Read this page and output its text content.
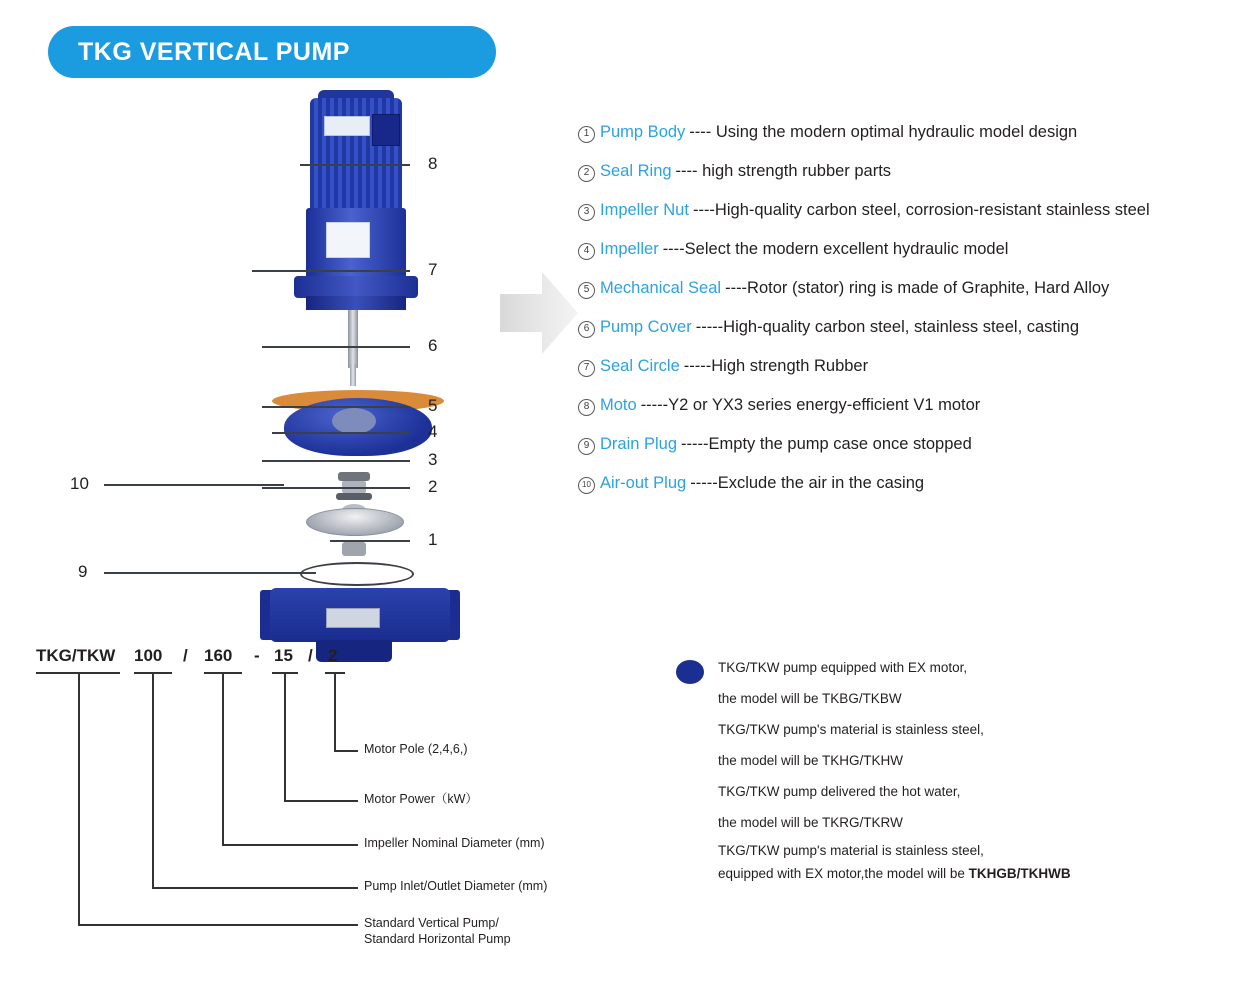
TKG VERTICAL PUMP
8
7
6
5
4
3
2
1
10
9
1 Pump Body ---- Using the modern optimal hydraulic model design
2 Seal Ring ---- high strength rubber parts
3 Impeller Nut ----High-quality carbon steel, corrosion-resistant stainless steel
4 Impeller ----Select the modern excellent hydraulic model
5 Mechanical Seal ----Rotor (stator) ring is made of Graphite, Hard Alloy
6 Pump Cover -----High-quality carbon steel, stainless steel, casting
7 Seal Circle -----High strength Rubber
8 Moto -----Y2 or YX3 series energy-efficient V1 motor
9 Drain Plug -----Empty the pump case once stopped
10 Air-out Plug -----Exclude the air in the casing
TKG/TKW 100 / 160 - 15 / 2
Motor Pole (2,4,6,)
Motor Power（kW）
Impeller Nominal Diameter (mm)
Pump Inlet/Outlet Diameter (mm)
Standard Vertical Pump/
Standard Horizontal Pump
TKG/TKW pump equipped with EX motor,
the model will be TKBG/TKBW
TKG/TKW pump's material is stainless steel,
the model will be TKHG/TKHW
TKG/TKW pump delivered the hot water,
the model will be TKRG/TKRW
TKG/TKW pump's material is stainless steel,
equipped with EX motor,the model will be TKHGB/TKHWB
